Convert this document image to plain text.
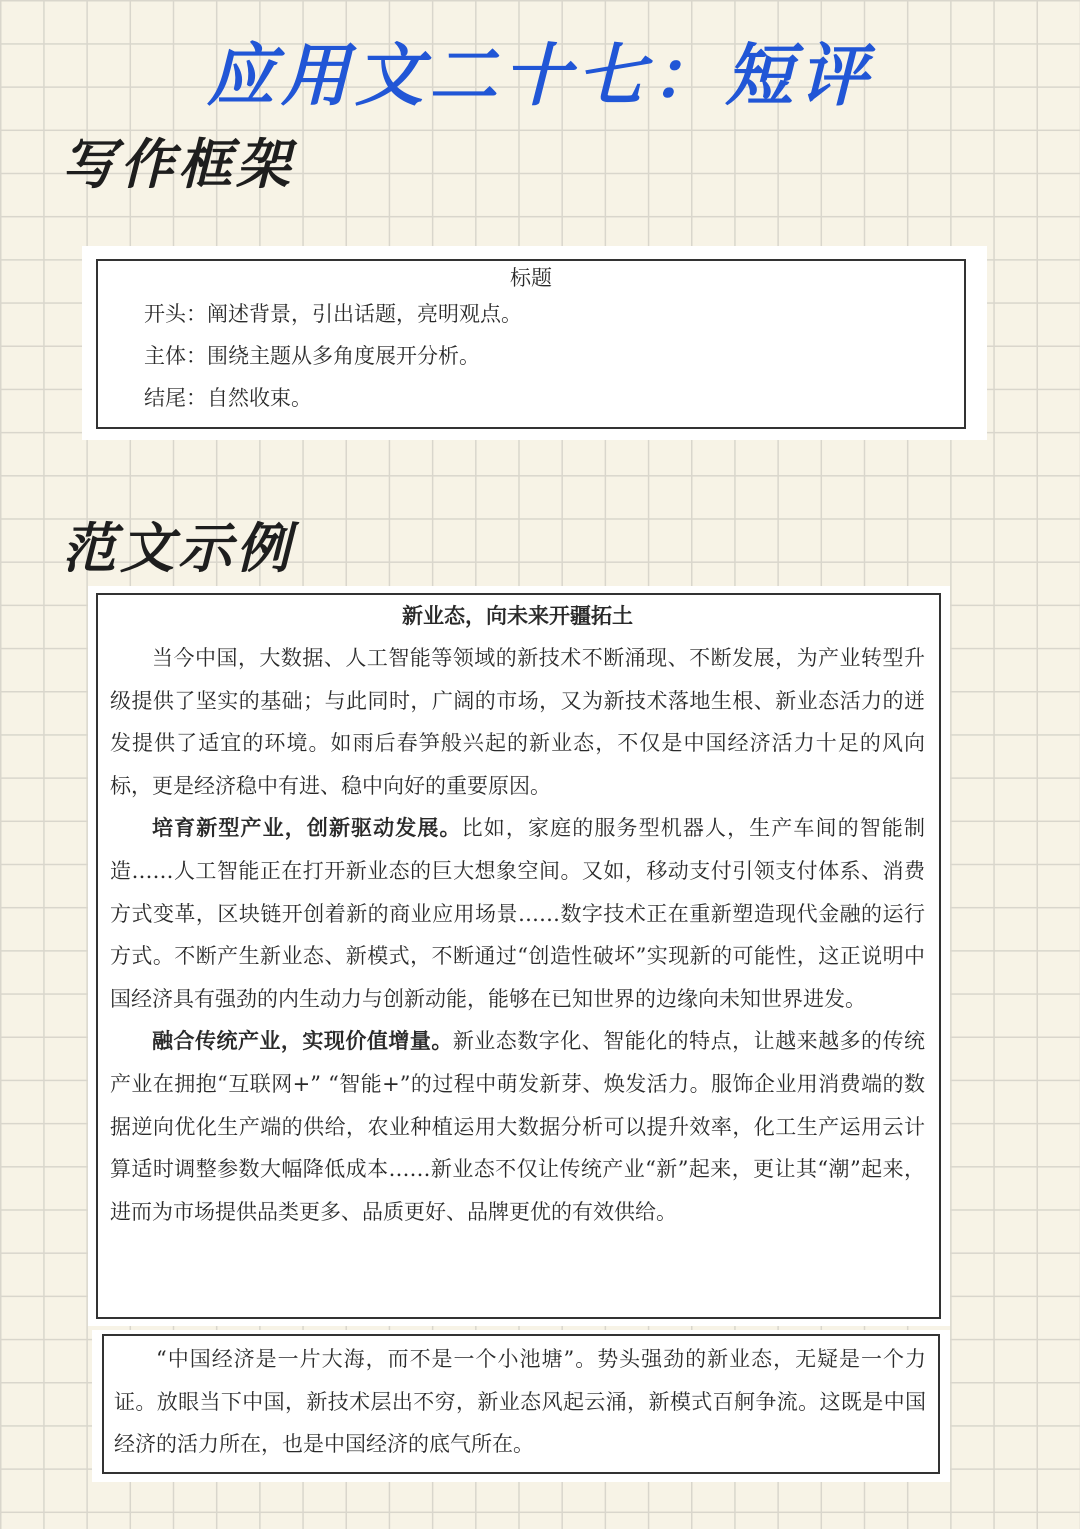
应用文二十七：短评
写作框架
标题
开头：阐述背景，引出话题，亮明观点。
主体：围绕主题从多角度展开分析。
结尾：自然收束。
范文示例
新业态，向未来开疆拓土

当今中国，大数据、人工智能等领域的新技术不断涌现、不断发展，为产业转型升级提供了坚实的基础；与此同时，广阔的市场，又为新技术落地生根、新业态活力的迸发提供了适宜的环境。如雨后春笋般兴起的新业态，不仅是中国经济活力十足的风向标，更是经济稳中有进、稳中向好的重要原因。

培育新型产业，创新驱动发展。比如，家庭的服务型机器人，生产车间的智能制造……人工智能正在打开新业态的巨大想象空间。又如，移动支付引领支付体系、消费方式变革，区块链开创着新的商业应用场景……数字技术正在重新塑造现代金融的运行方式。不断产生新业态、新模式，不断通过“创造性破坏”实现新的可能性，这正说明中国经济具有强劲的内生动力与创新动能，能够在已知世界的边缘向未知世界进发。

融合传统产业，实现价值增量。新业态数字化、智能化的特点，让越来越多的传统产业在拥抱“互联网+” “智能+”的过程中萌发新芽、焕发活力。服饰企业用消费端的数据逆向优化生产端的供给，农业种植运用大数据分析可以提升效率，化工生产运用云计算适时调整参数大幅降低成本……新业态不仅让传统产业“新”起来，更让其“潮”起来，进而为市场提供品类更多、品质更好、品牌更优的有效供给。

“中国经济是一片大海，而不是一个小池塘”。势头强劲的新业态，无疑是一个力证。放眼当下中国，新技术层出不穷，新业态风起云涌，新模式百舸争流。这既是中国经济的活力所在，也是中国经济的底气所在。
